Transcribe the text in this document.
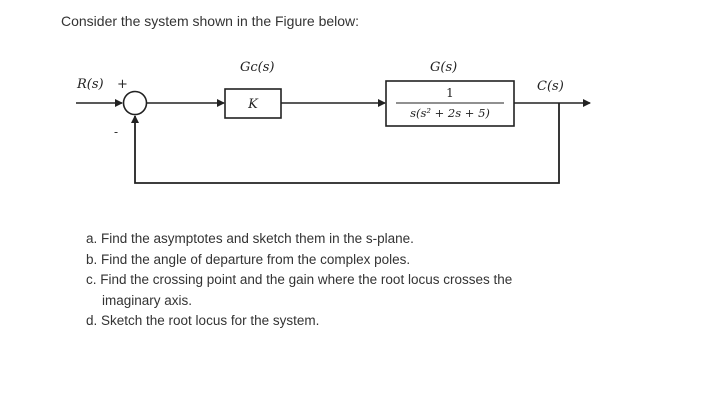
Consider the system shown in the Figure below:
R(s) +
-
Gᴄ(s)
K
G(s)
1
s(s² + 2s + 5)
C(s)
a. Find the asymptotes and sketch them in the s-plane.
b. Find the angle of departure from the complex poles.
c. Find the crossing point and the gain where the root locus crosses the imaginary axis.
d. Sketch the root locus for the system.
